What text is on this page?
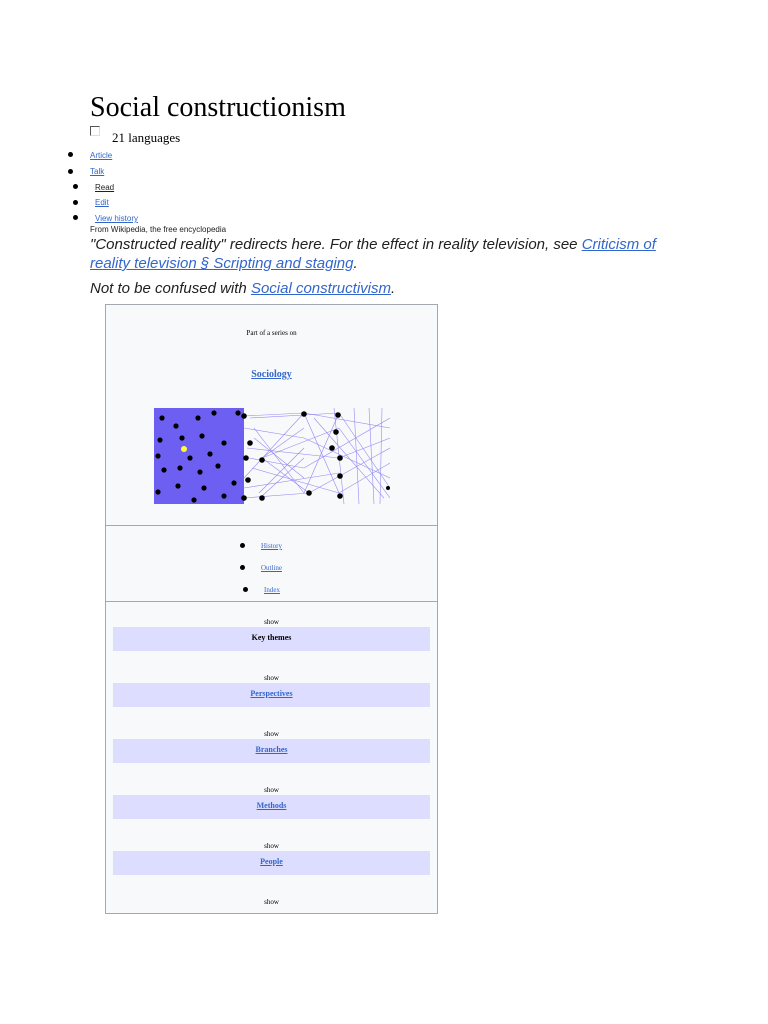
Social constructionism
21 languages
Article
Talk
Read
Edit
View history
From Wikipedia, the free encyclopedia
"Constructed reality" redirects here. For the effect in reality television, see Criticism of
reality television § Scripting and staging.
Not to be confused with Social constructivism.
Part of a series on
Sociology
History
Outline
Index
show
Key themes
show
Perspectives
show
Branches
show
Methods
show
People
show
